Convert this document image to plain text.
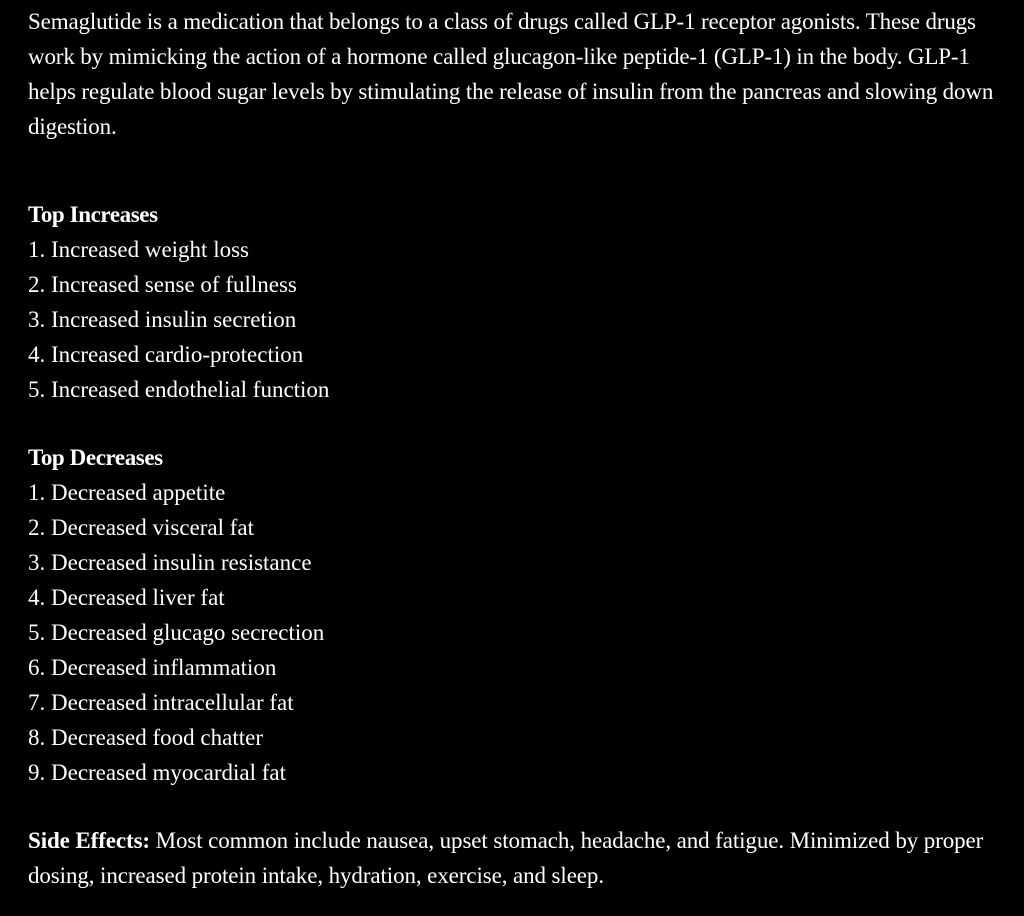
Semaglutide is a medication that belongs to a class of drugs called GLP-1 receptor agonists. These drugs work by mimicking the action of a hormone called glucagon-like peptide-1 (GLP-1) in the body. GLP-1 helps regulate blood sugar levels by stimulating the release of insulin from the pancreas and slowing down digestion.

Top Increases

1. Increased weight loss
2. Increased sense of fullness
3. Increased insulin secretion
4. Increased cardio-protection
5. Increased endothelial function

Top Decreases

1. Decreased appetite
2. Decreased visceral fat
3. Decreased insulin resistance
4. Decreased liver fat
5. Decreased glucago secrection
6. Decreased inflammation
7. Decreased intracellular fat
8. Decreased food chatter
9. Decreased myocardial fat

Side Effects: Most common include nausea, upset stomach, headache, and fatigue. Minimized by proper dosing, increased protein intake, hydration, exercise, and sleep.
